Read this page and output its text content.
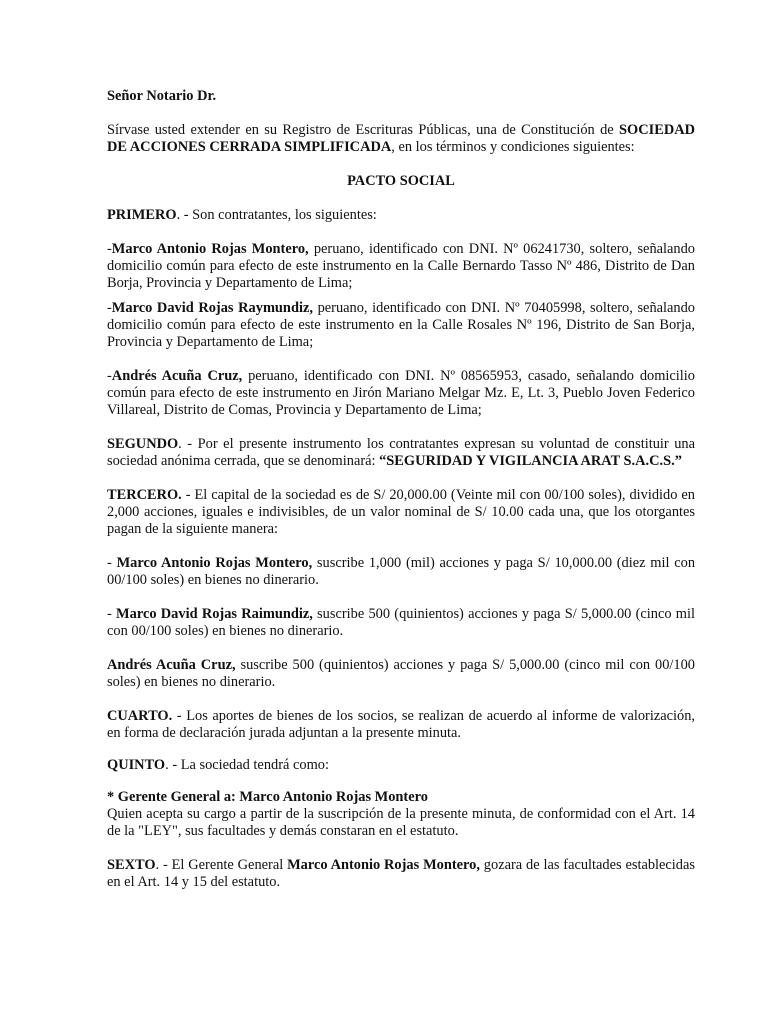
Señor Notario Dr.

Sírvase usted extender en su Registro de Escrituras Públicas, una de Constitución de SOCIEDAD DE ACCIONES CERRADA SIMPLIFICADA, en los términos y condiciones siguientes:

PACTO SOCIAL

PRIMERO. - Son contratantes, los siguientes:

-Marco Antonio Rojas Montero, peruano, identificado con DNI. Nº 06241730, soltero, señalando domicilio común para efecto de este instrumento en la Calle Bernardo Tasso Nº 486, Distrito de Dan Borja, Provincia y Departamento de Lima;

-Marco David Rojas Raymundiz, peruano, identificado con DNI. Nº 70405998, soltero, señalando domicilio común para efecto de este instrumento en la Calle Rosales Nº 196, Distrito de San Borja, Provincia y Departamento de Lima;

-Andrés Acuña Cruz, peruano, identificado con DNI. Nº 08565953, casado, señalando domicilio común para efecto de este instrumento en Jirón Mariano Melgar Mz. E, Lt. 3, Pueblo Joven Federico Villareal, Distrito de Comas, Provincia y Departamento de Lima;

SEGUNDO. - Por el presente instrumento los contratantes expresan su voluntad de constituir una sociedad anónima cerrada, que se denominará: “SEGURIDAD Y VIGILANCIA ARAT S.A.C.S.”

TERCERO. - El capital de la sociedad es de S/ 20,000.00 (Veinte mil con 00/100 soles), dividido en 2,000 acciones, iguales e indivisibles, de un valor nominal de S/ 10.00 cada una, que los otorgantes pagan de la siguiente manera:

- Marco Antonio Rojas Montero, suscribe 1,000 (mil) acciones y paga S/ 10,000.00 (diez mil con 00/100 soles) en bienes no dinerario.

- Marco David Rojas Raimundiz, suscribe 500 (quinientos) acciones y paga S/ 5,000.00 (cinco mil con 00/100 soles) en bienes no dinerario.

Andrés Acuña Cruz, suscribe 500 (quinientos) acciones y paga S/ 5,000.00 (cinco mil con 00/100 soles) en bienes no dinerario.

CUARTO. - Los aportes de bienes de los socios, se realizan de acuerdo al informe de valorización, en forma de declaración jurada adjuntan a la presente minuta.

QUINTO. - La sociedad tendrá como:

* Gerente General a: Marco Antonio Rojas Montero

Quien acepta su cargo a partir de la suscripción de la presente minuta, de conformidad con el Art. 14 de la "LEY", sus facultades y demás constaran en el estatuto.

SEXTO. - El Gerente General Marco Antonio Rojas Montero, gozara de las facultades establecidas en el Art. 14 y 15 del estatuto.
